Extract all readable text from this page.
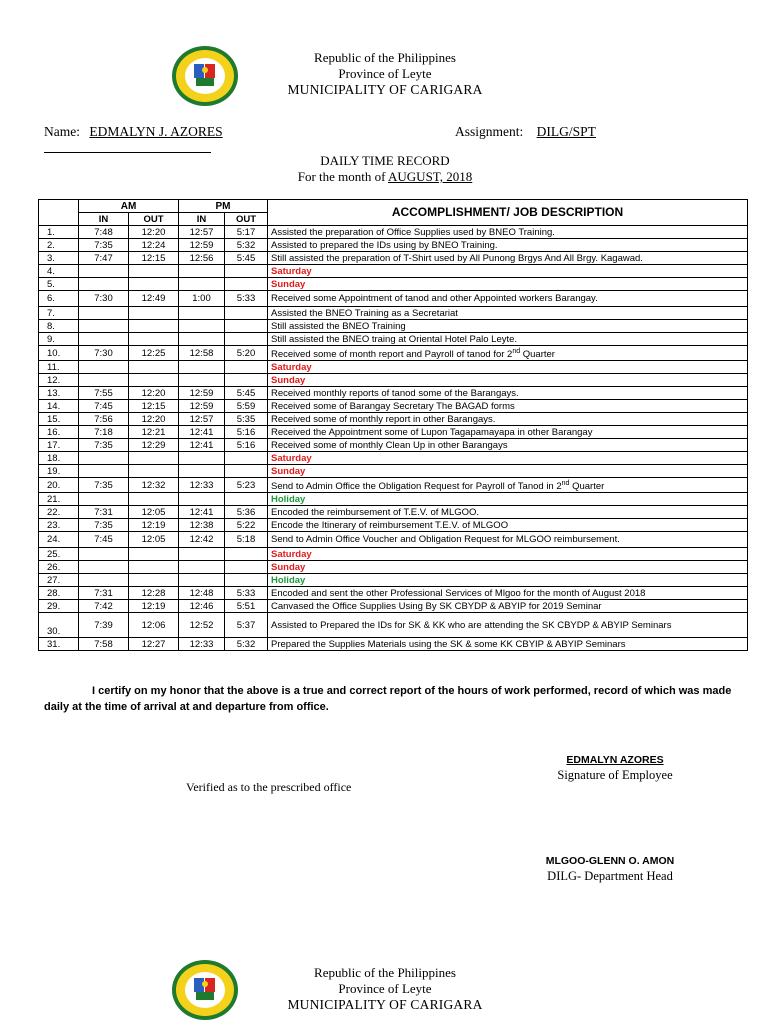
Republic of the Philippines
Province of Leyte
MUNICIPALITY OF CARIGARA
Name: EDMALYN J. AZORES	Assignment: DILG/SPT
DAILY TIME RECORD
For the month of AUGUST, 2018
	AM		PM		ACCOMPLISHMENT/ JOB DESCRIPTION
	IN	OUT	IN	OUT	
1.	7:48	12:20	12:57	5:17	Assisted the preparation of Office Supplies used by BNEO Training.
2.	7:35	12:24	12:59	5:32	Assisted to prepared the IDs using by BNEO Training.
3.	7:47	12:15	12:56	5:45	Still assisted the preparation of T-Shirt used by All Punong Brgys And All Brgy. Kagawad.
4.					Saturday
5.					Sunday
6.	7:30	12:49	1:00	5:33	Received some Appointment of tanod and other Appointed workers Barangay.
7.					Assisted the BNEO Training as a Secretariat
8.					Still assisted the BNEO Training
9.					Still assisted the BNEO traing at Oriental Hotel Palo Leyte.
10.	7:30	12:25	12:58	5:20	Received some of month report and Payroll of tanod for 2nd Quarter
11.					Saturday
12.					Sunday
13.	7:55	12:20	12:59	5:45	Received monthly reports of tanod some of the Barangays.
14.	7:45	12:15	12:59	5:59	Received some of Barangay Secretary The BAGAD forms
15.	7:56	12:20	12:57	5:35	Received some of monthly report in other Barangays.
16.	7:18	12:21	12:41	5:16	Received the Appointment some of Lupon Tagapamayapa in other Barangay
17.	7:35	12:29	12:41	5:16	Received some of monthly Clean Up in other Barangays
18.					Saturday
19.					Sunday
20.	7:35	12:32	12:33	5:23	Send to Admin Office the Obligation Request for Payroll of Tanod in 2nd Quarter
21.					Holiday
22.	7:31	12:05	12:41	5:36	Encoded the reimbursement of T.E.V. of MLGOO.
23.	7:35	12:19	12:38	5:22	Encode the Itinerary of reimbursement T.E.V. of MLGOO
24.	7:45	12:05	12:42	5:18	Send to Admin Office Voucher and Obligation Request for MLGOO reimbursement.
25.					Saturday
26.					Sunday
27.					Holiday
28.	7:31	12:28	12:48	5:33	Encoded and sent the other Professional Services of Mlgoo for the month of August 2018
29.	7:42	12:19	12:46	5:51	Canvased the Office Supplies Using By SK CBYDP & ABYIP for 2019 Seminar
30.	7:39	12:06	12:52	5:37	Assisted to Prepared the IDs for SK & KK who are attending the SK CBYDP & ABYIP Seminars
31.	7:58	12:27	12:33	5:32	Prepared the Supplies Materials using the SK & some KK CBYIP & ABYIP Seminars
I certify on my honor that the above is a true and correct report of the hours of work performed, record of which was made daily at the time of arrival at and departure from office.
EDMALYN AZORES
Signature of Employee
Verified as to the prescribed office
MLGOO-GLENN O. AMON
DILG- Department Head
Republic of the Philippines
Province of Leyte
MUNICIPALITY OF CARIGARA
